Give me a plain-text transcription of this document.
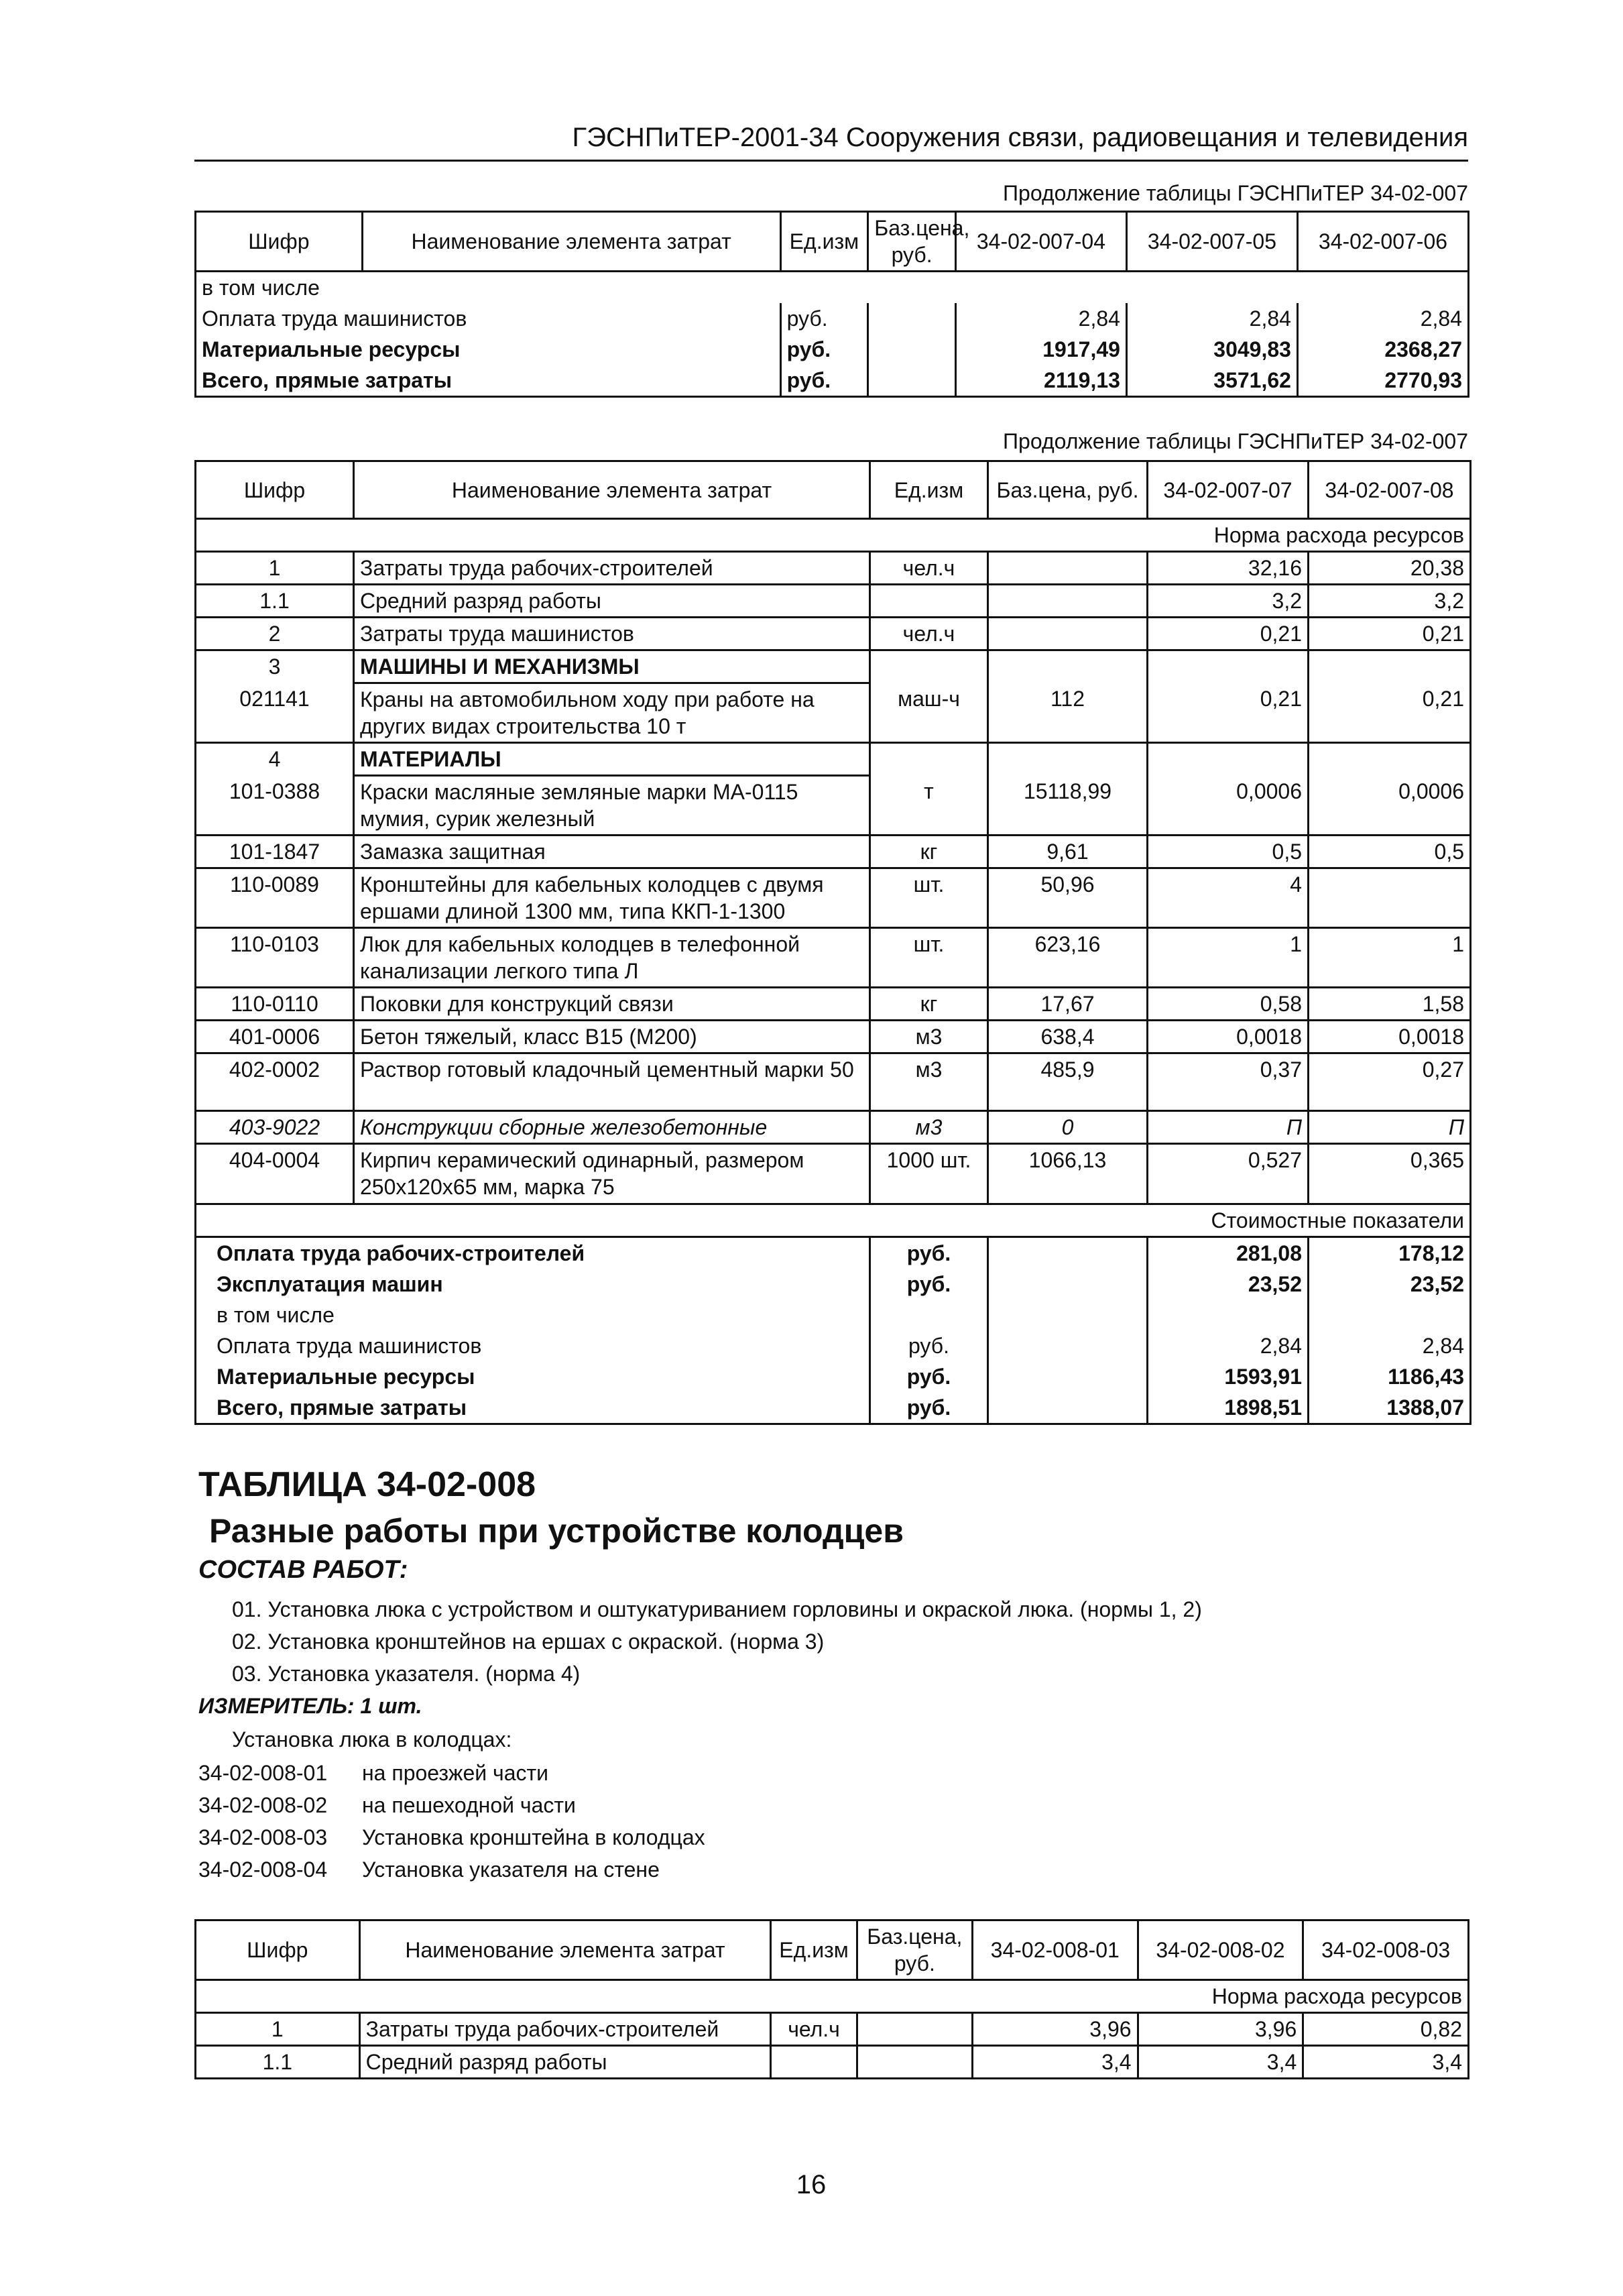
ГЭСНПиТЕР-2001-34 Сооружения связи, радиовещания и телевидения
Продолжение таблицы ГЭСНПиТЕР 34-02-007
Шифр	Наименование элемента затрат	Ед.изм	Баз.цена, руб.	34-02-007-04	34-02-007-05	34-02-007-06
в том числе						
Оплата труда машинистов		руб.		2,84	2,84	2,84
Материальные ресурсы		руб.		1917,49	3049,83	2368,27
Всего, прямые затраты		руб.		2119,13	3571,62	2770,93
Продолжение таблицы ГЭСНПиТЕР 34-02-007
Шифр	Наименование элемента затрат	Ед.изм	Баз.цена, руб.	34-02-007-07	34-02-007-08
Норма расхода ресурсов					
1	Затраты труда рабочих-строителей	чел.ч		32,16	20,38
1.1	Средний разряд работы			3,2	3,2
2	Затраты труда машинистов	чел.ч		0,21	0,21
3	МАШИНЫ И МЕХАНИЗМЫ				
021141	Краны на автомобильном ходу при работе на других видах строительства 10 т	маш-ч	112	0,21	0,21
4	МАТЕРИАЛЫ				
101-0388	Краски масляные земляные марки МА-0115 мумия, сурик железный	т	15118,99	0,0006	0,0006
101-1847	Замазка защитная	кг	9,61	0,5	0,5
110-0089	Кронштейны для кабельных колодцев с двумя ершами длиной 1300 мм, типа ККП-1-1300	шт.	50,96	4	
110-0103	Люк для кабельных колодцев в телефонной канализации легкого типа Л	шт.	623,16	1	1
110-0110	Поковки для конструкций связи	кг	17,67	0,58	1,58
401-0006	Бетон тяжелый, класс В15 (М200)	м3	638,4	0,0018	0,0018
402-0002	Раствор готовый кладочный цементный марки 50	м3	485,9	0,37	0,27
403-9022	Конструкции сборные железобетонные	м3	0	П	П
404-0004	Кирпич керамический одинарный, размером 250х120х65 мм, марка 75	1000 шт.	1066,13	0,527	0,365
Стоимостные показатели					
Оплата труда рабочих-строителей		руб.		281,08	178,12
Эксплуатация машин		руб.		23,52	23,52
в том числе					
Оплата труда машинистов		руб.		2,84	2,84
Материальные ресурсы		руб.		1593,91	1186,43
Всего, прямые затраты		руб.		1898,51	1388,07
ТАБЛИЦА 34-02-008
Разные работы при устройстве колодцев
СОСТАВ РАБОТ:
01. Установка люка с устройством и оштукатуриванием горловины и окраской люка. (нормы 1, 2)
02. Установка кронштейнов на ершах с окраской. (норма 3)
03. Установка указателя. (норма 4)
ИЗМЕРИТЕЛЬ: 1 шт.
Установка люка в колодцах:
34-02-008-01 на проезжей части
34-02-008-02 на пешеходной части
34-02-008-03 Установка кронштейна в колодцах
34-02-008-04 Установка указателя на стене
Шифр	Наименование элемента затрат	Ед.изм	Баз.цена, руб.	34-02-008-01	34-02-008-02	34-02-008-03
Норма расхода ресурсов						
1	Затраты труда рабочих-строителей	чел.ч		3,96	3,96	0,82
1.1	Средний разряд работы			3,4	3,4	3,4
16
